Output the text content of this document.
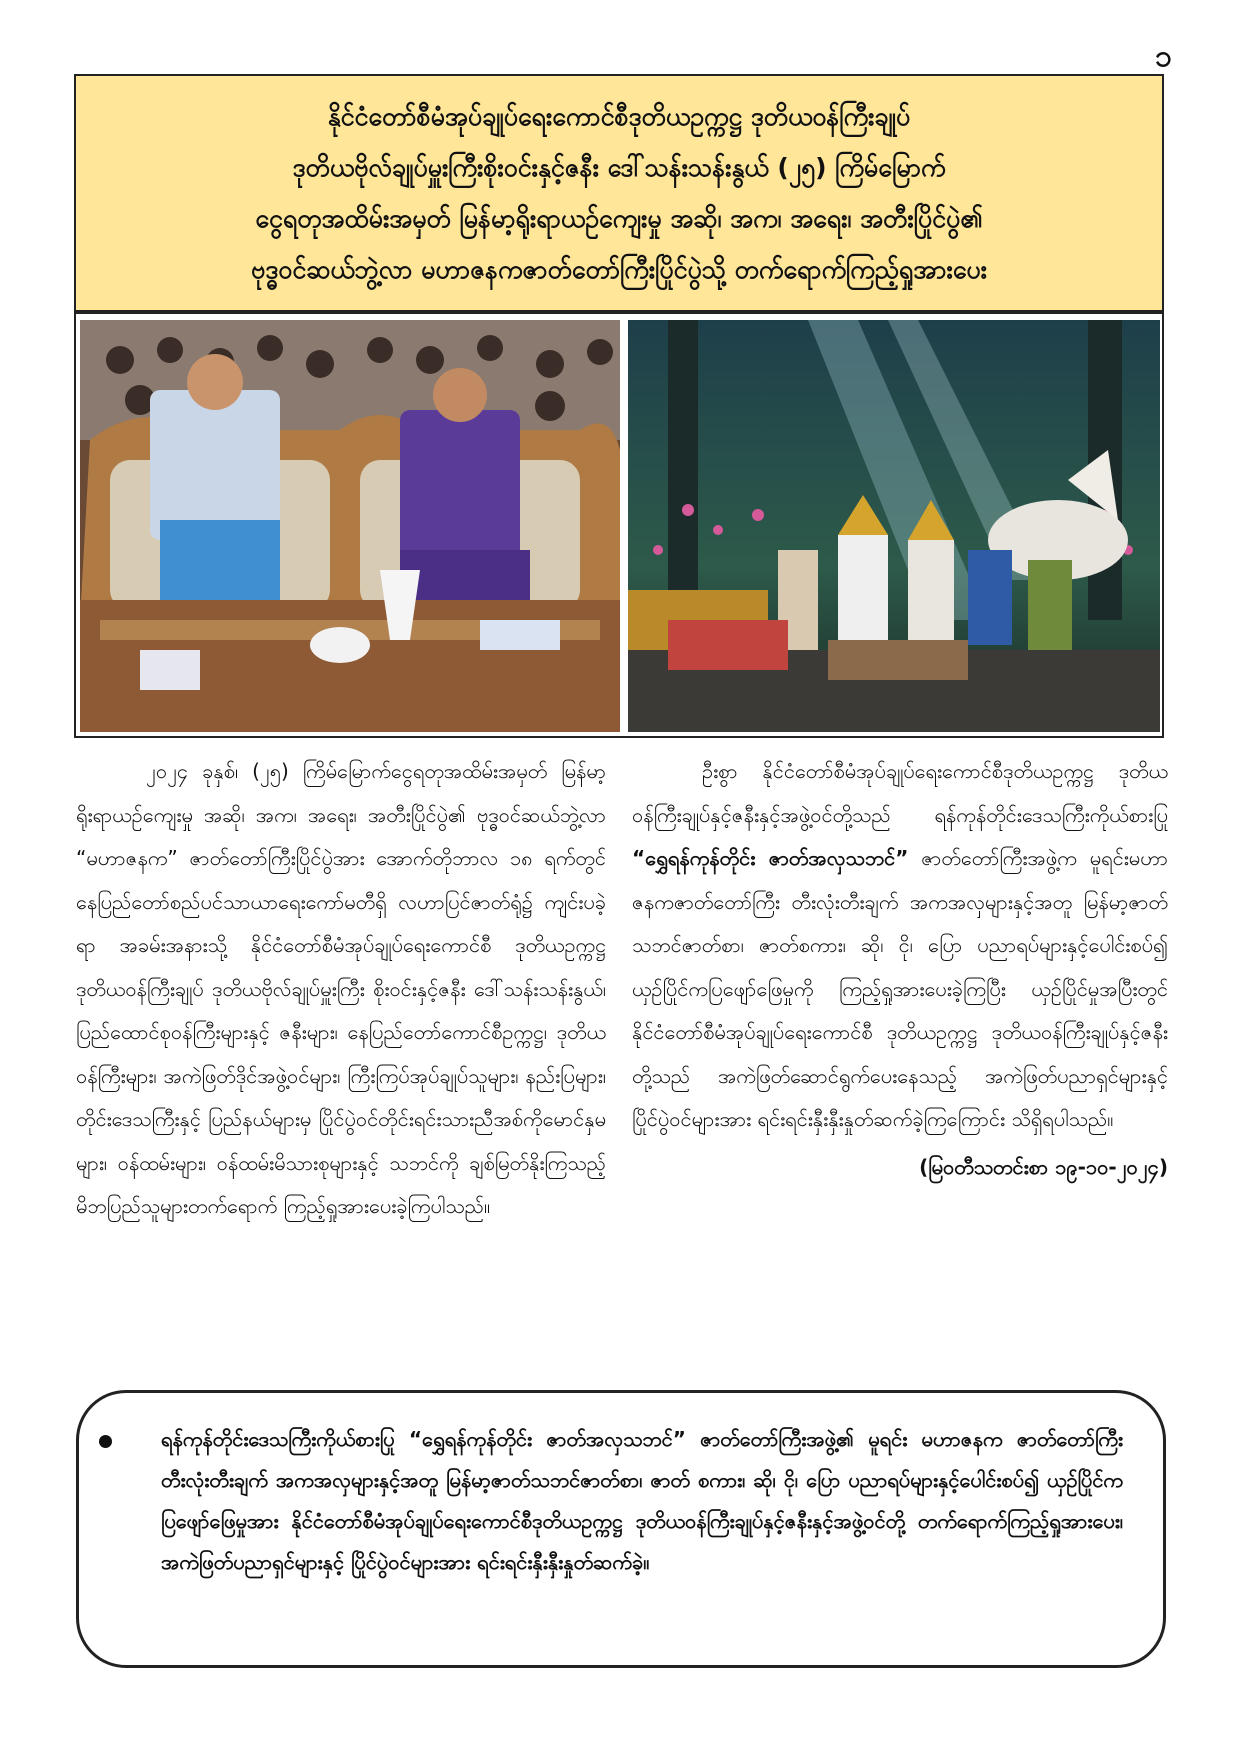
၁
နိုင်ငံတော်စီမံအုပ်ချုပ်ရေးကောင်စီဒုတိယဥက္ကဋ္ဌ ဒုတိယဝန်ကြီးချုပ်
ဒုတိယဗိုလ်ချုပ်မှူးကြီးစိုးဝင်းနှင့်ဇနီး ဒေါ်သန်းသန်းနွယ် (၂၅) ကြိမ်မြောက်
ငွေရတုအထိမ်းအမှတ် မြန်မာ့ရိုးရာယဉ်ကျေးမှု အဆို၊ အက၊ အရေး၊ အတီးပြိုင်ပွဲ၏
ဗုဒ္ဓဝင်ဆယ်ဘွဲ့လာ မဟာဇနကဇာတ်တော်ကြီးပြိုင်ပွဲသို့ တက်ရောက်ကြည့်ရှုအားပေး

၂၀၂၄ ခုနှစ်၊ (၂၅) ကြိမ်မြောက်ငွေရတုအထိမ်းအမှတ် မြန်မာ့ရိုးရာယဉ်ကျေးမှု အဆို၊ အက၊ အရေး၊ အတီးပြိုင်ပွဲ၏ ဗုဒ္ဓဝင်ဆယ်ဘွဲ့လာ “မဟာဇနက” ဇာတ်တော်ကြီးပြိုင်ပွဲအား အောက်တိုဘာလ ၁၈ ရက်တွင် နေပြည်တော်စည်ပင်သာယာရေးကော်မတီရှိ လဟာပြင်ဇာတ်ရုံ၌ ကျင်းပခဲ့ရာ အခမ်းအနားသို့ နိုင်ငံတော်စီမံအုပ်ချုပ်ရေးကောင်စီ ဒုတိယဥက္ကဋ္ဌ ဒုတိယဝန်ကြီးချုပ် ဒုတိယဗိုလ်ချုပ်မှူးကြီး စိုးဝင်းနှင့်ဇနီး ဒေါ်သန်းသန်းနွယ်၊ ပြည်ထောင်စုဝန်ကြီးများနှင့် ဇနီးများ၊ နေပြည်တော်ကောင်စီဥက္ကဋ္ဌ၊ ဒုတိယဝန်ကြီးများ၊ အကဲဖြတ်ဒိုင်အဖွဲ့ဝင်များ၊ ကြီးကြပ်အုပ်ချုပ်သူများ၊ နည်းပြများ၊ တိုင်းဒေသကြီးနှင့် ပြည်နယ်များမှ ပြိုင်ပွဲဝင်တိုင်းရင်းသားညီအစ်ကိုမောင်နှမများ၊ ဝန်ထမ်းများ၊ ဝန်ထမ်းမိသားစုများနှင့် သဘင်ကို ချစ်မြတ်နိုးကြသည့် မိဘပြည်သူများတက်ရောက် ကြည့်ရှုအားပေးခဲ့ကြပါသည်။

ဦးစွာ နိုင်ငံတော်စီမံအုပ်ချုပ်ရေးကောင်စီဒုတိယဥက္ကဋ္ဌ ဒုတိယဝန်ကြီးချုပ်နှင့်ဇနီးနှင့်အဖွဲ့ဝင်တို့သည် ရန်ကုန်တိုင်းဒေသကြီးကိုယ်စားပြု “ရွှေရန်ကုန်တိုင်း ဇာတ်အလှသဘင်” ဇာတ်တော်ကြီးအဖွဲ့က မူရင်းမဟာဇနကဇာတ်တော်ကြီး တီးလုံးတီးချက် အကအလှများနှင့်အတူ မြန်မာ့ဇာတ်သဘင်ဇာတ်စာ၊ ဇာတ်စကား၊ ဆို၊ ငို၊ ပြော ပညာရပ်များနှင့်ပေါင်းစပ်၍ ယှဉ်ပြိုင်ကပြဖျော်ဖြေမှုကို ကြည့်ရှုအားပေးခဲ့ကြပြီး ယှဉ်ပြိုင်မှုအပြီးတွင် နိုင်ငံတော်စီမံအုပ်ချုပ်ရေးကောင်စီ ဒုတိယဥက္ကဋ္ဌ ဒုတိယဝန်ကြီးချုပ်နှင့်ဇနီးတို့သည် အကဲဖြတ်ဆောင်ရွက်ပေးနေသည့် အကဲဖြတ်ပညာရှင်များနှင့် ပြိုင်ပွဲဝင်များအား ရင်းရင်းနှီးနှီးနှုတ်ဆက်ခဲ့ကြကြောင်း သိရှိရပါသည်။

(မြဝတီသတင်းစာ ၁၉-၁၀-၂၀၂၄)

ရန်ကုန်တိုင်းဒေသကြီးကိုယ်စားပြု “ရွှေရန်ကုန်တိုင်း ဇာတ်အလှသဘင်” ဇာတ်တော်ကြီးအဖွဲ့၏ မူရင်း မဟာဇနက ဇာတ်တော်ကြီး တီးလုံးတီးချက် အကအလှများနှင့်အတူ မြန်မာ့ဇာတ်သဘင်ဇာတ်စာ၊ ဇာတ် စကား၊ ဆို၊ ငို၊ ပြော ပညာရပ်များနှင့်ပေါင်းစပ်၍ ယှဉ်ပြိုင်ကပြဖျော်ဖြေမှုအား နိုင်ငံတော်စီမံအုပ်ချုပ်ရေးကောင်စီဒုတိယဥက္ကဋ္ဌ ဒုတိယဝန်ကြီးချုပ်နှင့်ဇနီးနှင့်အဖွဲ့ဝင်တို့ တက်ရောက်ကြည့်ရှုအားပေး၊ အကဲဖြတ်ပညာရှင်များနှင့် ပြိုင်ပွဲဝင်များအား ရင်းရင်းနှီးနှီးနှုတ်ဆက်ခဲ့။
